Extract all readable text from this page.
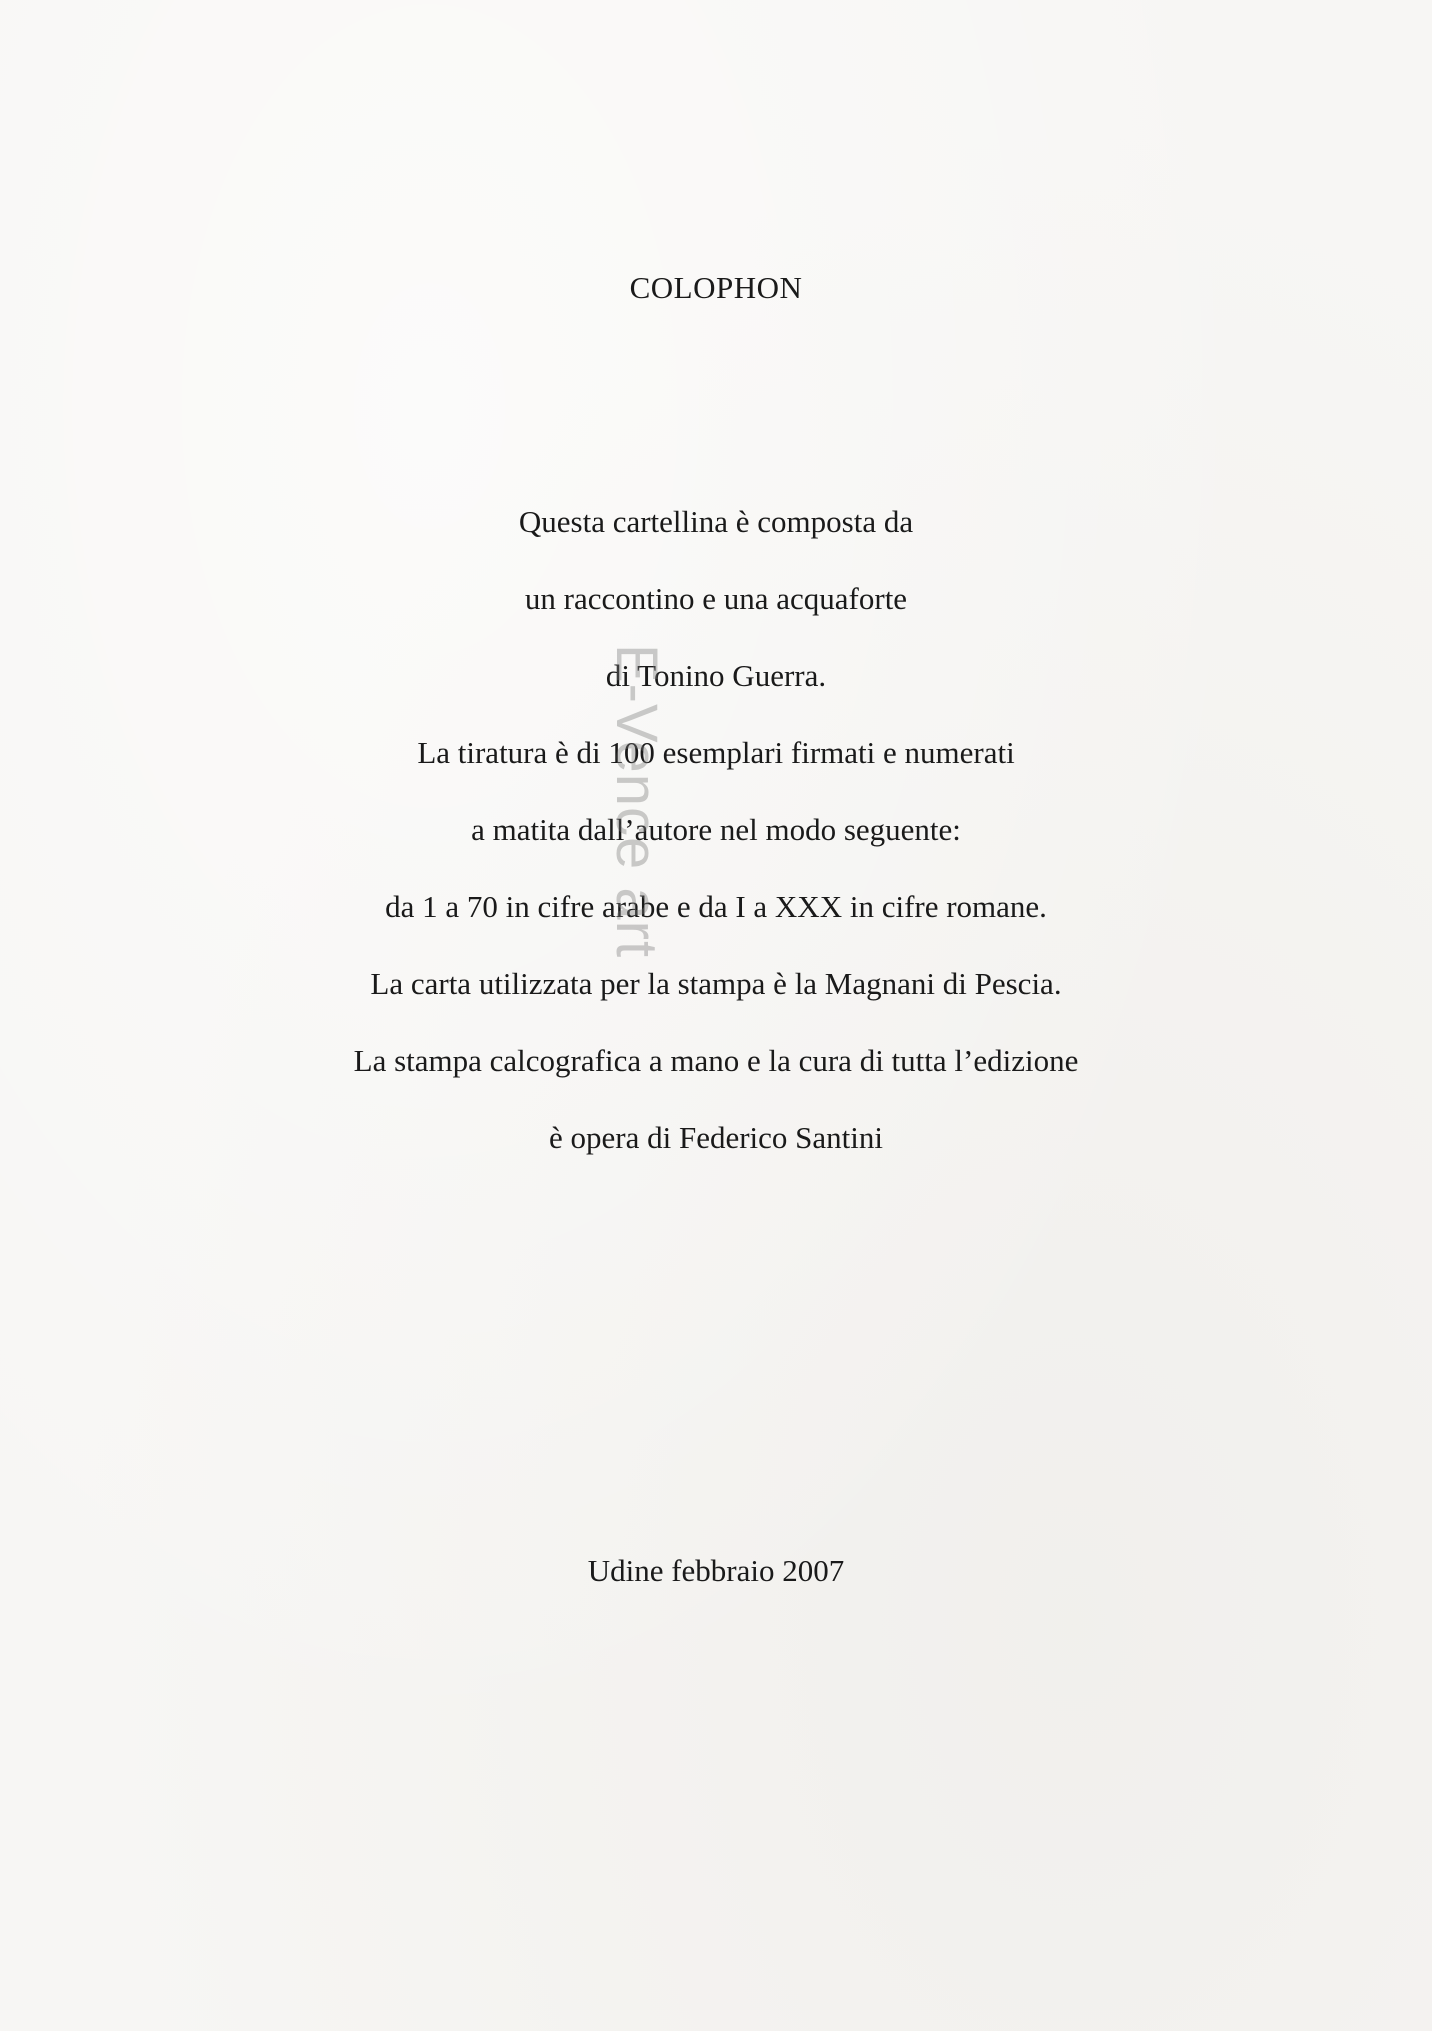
COLOPHON
Questa cartellina è composta da
un raccontino e una acquaforte
di Tonino Guerra.
La tiratura è di 100 esemplari firmati e numerati
a matita dall’autore nel modo seguente:
da 1 a 70 in cifre arabe e da I a XXX in cifre romane.
La carta utilizzata per la stampa è la Magnani di Pescia.
La stampa calcografica a mano e la cura di tutta l’edizione
è opera di Federico Santini
Udine febbraio 2007
E-Vence art
